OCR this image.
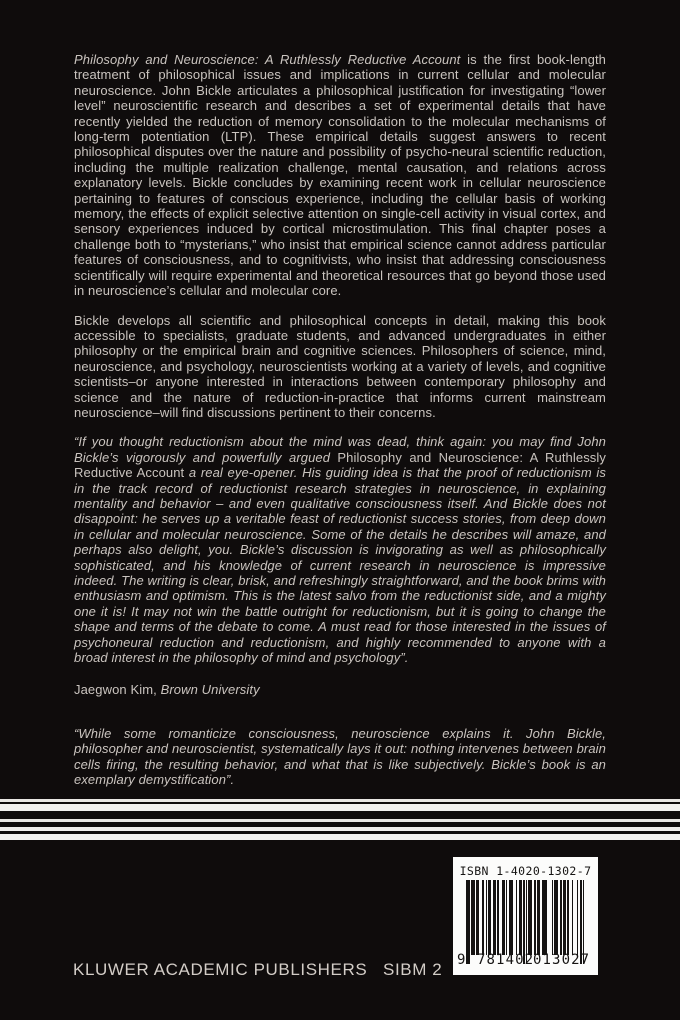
Philosophy and Neuroscience: A Ruthlessly Reductive Account is the first book-length treatment of philosophical issues and implications in current cellular and molecular neuroscience. John Bickle articulates a philosophical justification for investigating “lower level” neuroscientific research and describes a set of experimental details that have recently yielded the reduction of memory consolidation to the molecular mechanisms of long-term potentiation (LTP). These empirical details suggest answers to recent philosophical disputes over the nature and possibility of psycho-neural scientific reduction, including the multiple realization challenge, mental causation, and relations across explanatory levels. Bickle concludes by examining recent work in cellular neuroscience pertaining to features of conscious experience, including the cellular basis of working memory, the effects of explicit selective attention on single-cell activity in visual cortex, and sensory experiences induced by cortical microstimulation. This final chapter poses a challenge both to “mysterians,” who insist that empirical science cannot address particular features of consciousness, and to cognitivists, who insist that addressing consciousness scientifically will require experimental and theoretical resources that go beyond those used in neuroscience’s cellular and molecular core.

Bickle develops all scientific and philosophical concepts in detail, making this book accessible to specialists, graduate students, and advanced undergraduates in either philosophy or the empirical brain and cognitive sciences. Philosophers of science, mind, neuroscience, and psychology, neuroscientists working at a variety of levels, and cognitive scientists–or anyone interested in interactions between contemporary philosophy and science and the nature of reduction-in-practice that informs current mainstream neuroscience–will find discussions pertinent to their concerns.

“If you thought reductionism about the mind was dead, think again: you may find John Bickle’s vigorously and powerfully argued Philosophy and Neuroscience: A Ruthlessly Reductive Account a real eye-opener. His guiding idea is that the proof of reductionism is in the track record of reductionist research strategies in neuroscience, in explaining mentality and behavior – and even qualitative consciousness itself. And Bickle does not disappoint: he serves up a veritable feast of reductionist success stories, from deep down in cellular and molecular neuroscience. Some of the details he describes will amaze, and perhaps also delight, you. Bickle’s discussion is invigorating as well as philosophically sophisticated, and his knowledge of current research in neuroscience is impressive indeed. The writing is clear, brisk, and refreshingly straightforward, and the book brims with enthusiasm and optimism. This is the latest salvo from the reductionist side, and a mighty one it is! It may not win the battle outright for reductionism, but it is going to change the shape and terms of the debate to come. A must read for those interested in the issues of psychoneural reduction and reductionism, and highly recommended to anyone with a broad interest in the philosophy of mind and psychology”.

Jaegwon Kim, Brown University

“While some romanticize consciousness, neuroscience explains it. John Bickle, philosopher and neuroscientist, systematically lays it out: nothing intervenes between brain cells firing, the resulting behavior, and what that is like subjectively. Bickle’s book is an exemplary demystification”.

ISBN 1-4020-1302-7
9 781402
013027
KLUWER ACADEMIC PUBLISHERS SIBM 2
